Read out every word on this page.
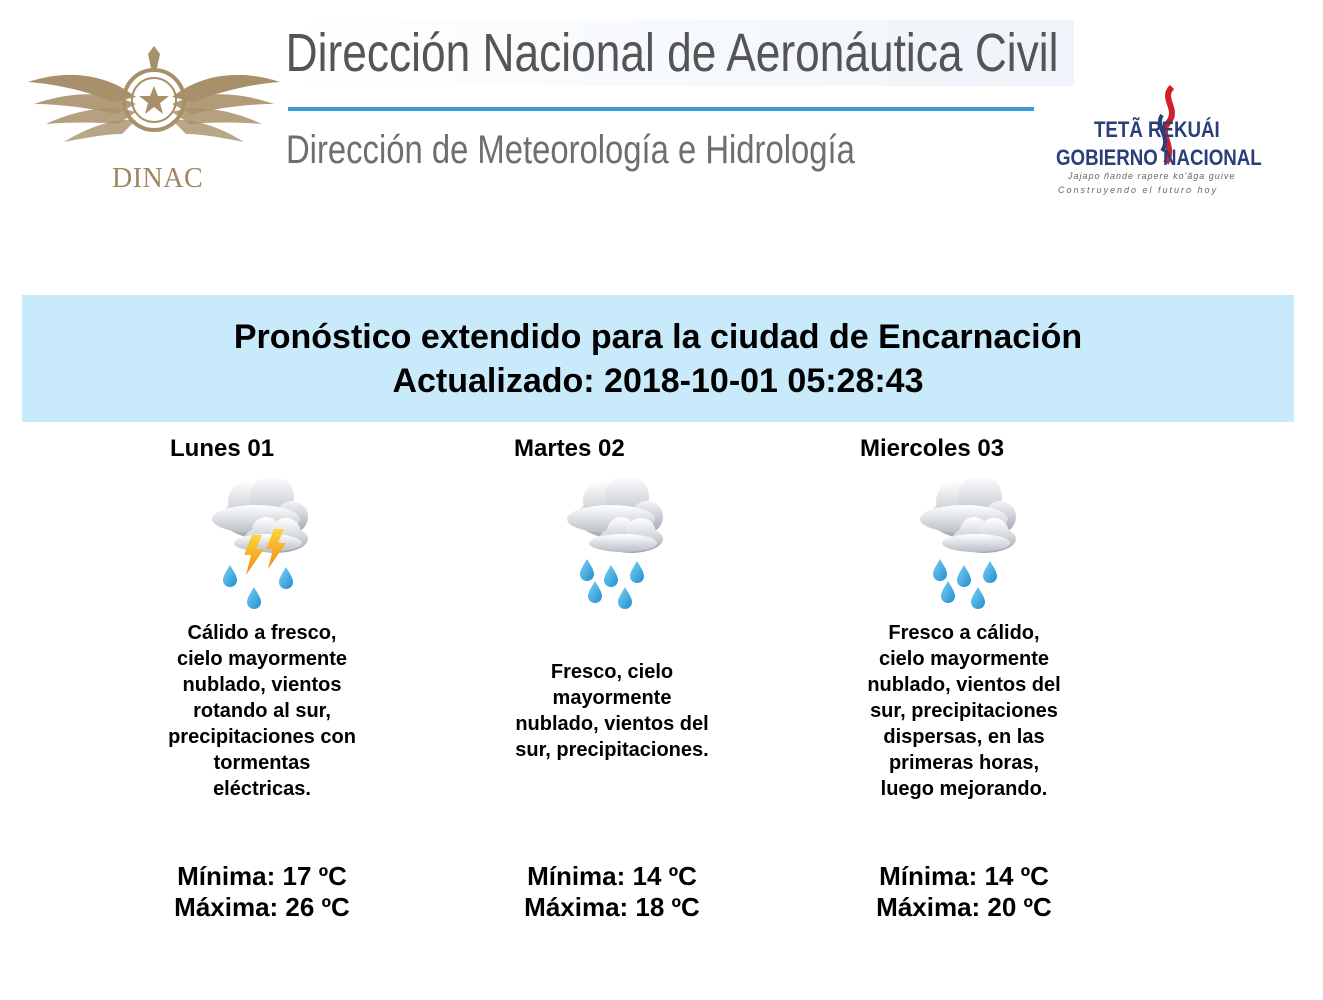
DINAC
Dirección Nacional de Aeronáutica Civil
Dirección de Meteorología e Hidrología	TETÃ REKUÁI
GOBIERNO NACIONAL
Jajapo ñande rapere ko'ãga guive
Construyendo el futuro hoy
Pronóstico extendido para la ciudad de Encarnación
Actualizado: 2018-10-01 05:28:43
Lunes 01
Cálido a fresco, cielo mayormente nublado, vientos rotando al sur, precipitaciones con tormentas eléctricas.
Mínima: 17 ºC
Máxima: 26 ºC
Martes 02
Fresco, cielo mayormente nublado, vientos del sur, precipitaciones.
Mínima: 14 ºC
Máxima: 18 ºC
Miercoles 03
Fresco a cálido, cielo mayormente nublado, vientos del sur, precipitaciones dispersas, en las primeras horas, luego mejorando.
Mínima: 14 ºC
Máxima: 20 ºC
